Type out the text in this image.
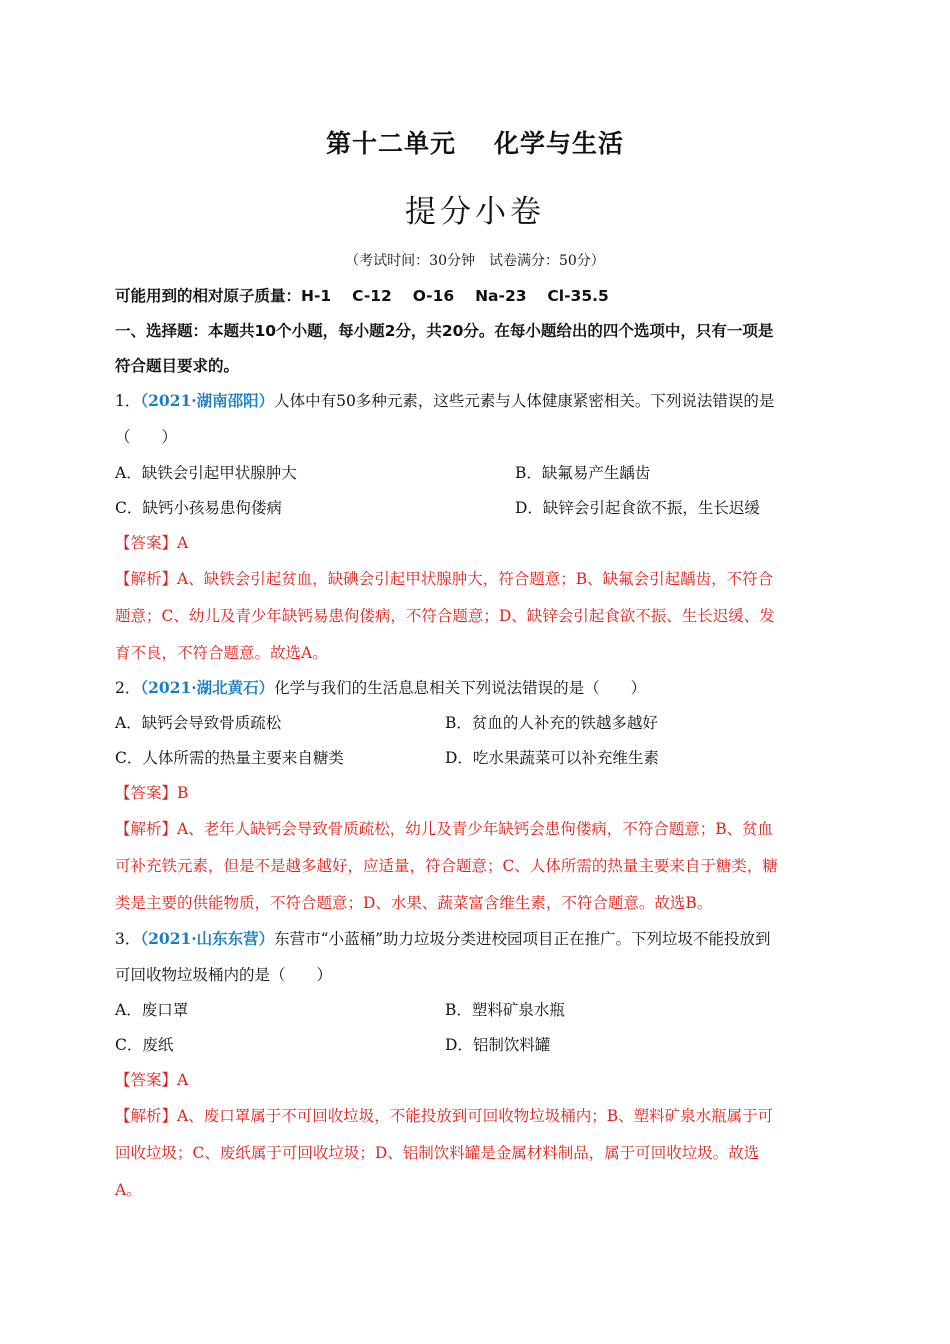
第十二单元 化学与生活
提分小卷
（考试时间：30分钟　试卷满分：50分）
可能用到的相对原子质量：H-1　 C-12　 O-16　 Na-23　 Cl-35.5
一、选择题：本题共10个小题，每小题2分，共20分。在每小题给出的四个选项中，只有一项是
符合题目要求的。
1．（2021·湖南邵阳）人体中有50多种元素，这些元素与人体健康紧密相关。下列说法错误的是
（　　）
A．缺铁会引起甲状腺肿大	B．缺氟易产生龋齿
C．缺钙小孩易患佝偻病	D．缺锌会引起食欲不振，生长迟缓
【答案】A
【解析】A、缺铁会引起贫血，缺碘会引起甲状腺肿大，符合题意；B、缺氟会引起龋齿，不符合
题意；C、幼儿及青少年缺钙易患佝偻病，不符合题意；D、缺锌会引起食欲不振、生长迟缓、发
育不良，不符合题意。故选A。
2．（2021·湖北黄石）化学与我们的生活息息相关下列说法错误的是（　　）
A．缺钙会导致骨质疏松	B．贫血的人补充的铁越多越好
C．人体所需的热量主要来自糖类	D．吃水果蔬菜可以补充维生素
【答案】B
【解析】A、老年人缺钙会导致骨质疏松，幼儿及青少年缺钙会患佝偻病，不符合题意；B、贫血
可补充铁元素，但是不是越多越好，应适量，符合题意；C、人体所需的热量主要来自于糖类，糖
类是主要的供能物质，不符合题意；D、水果、蔬菜富含维生素，不符合题意。故选B。
3．（2021·山东东营）东营市“小蓝桶”助力垃圾分类进校园项目正在推广。下列垃圾不能投放到
可回收物垃圾桶内的是（　　）
A．废口罩	B．塑料矿泉水瓶
C．废纸	D．铝制饮料罐
【答案】A
【解析】A、废口罩属于不可回收垃圾，不能投放到可回收物垃圾桶内；B、塑料矿泉水瓶属于可
回收垃圾；C、废纸属于可回收垃圾；D、铝制饮料罐是金属材料制品，属于可回收垃圾。故选
A。
